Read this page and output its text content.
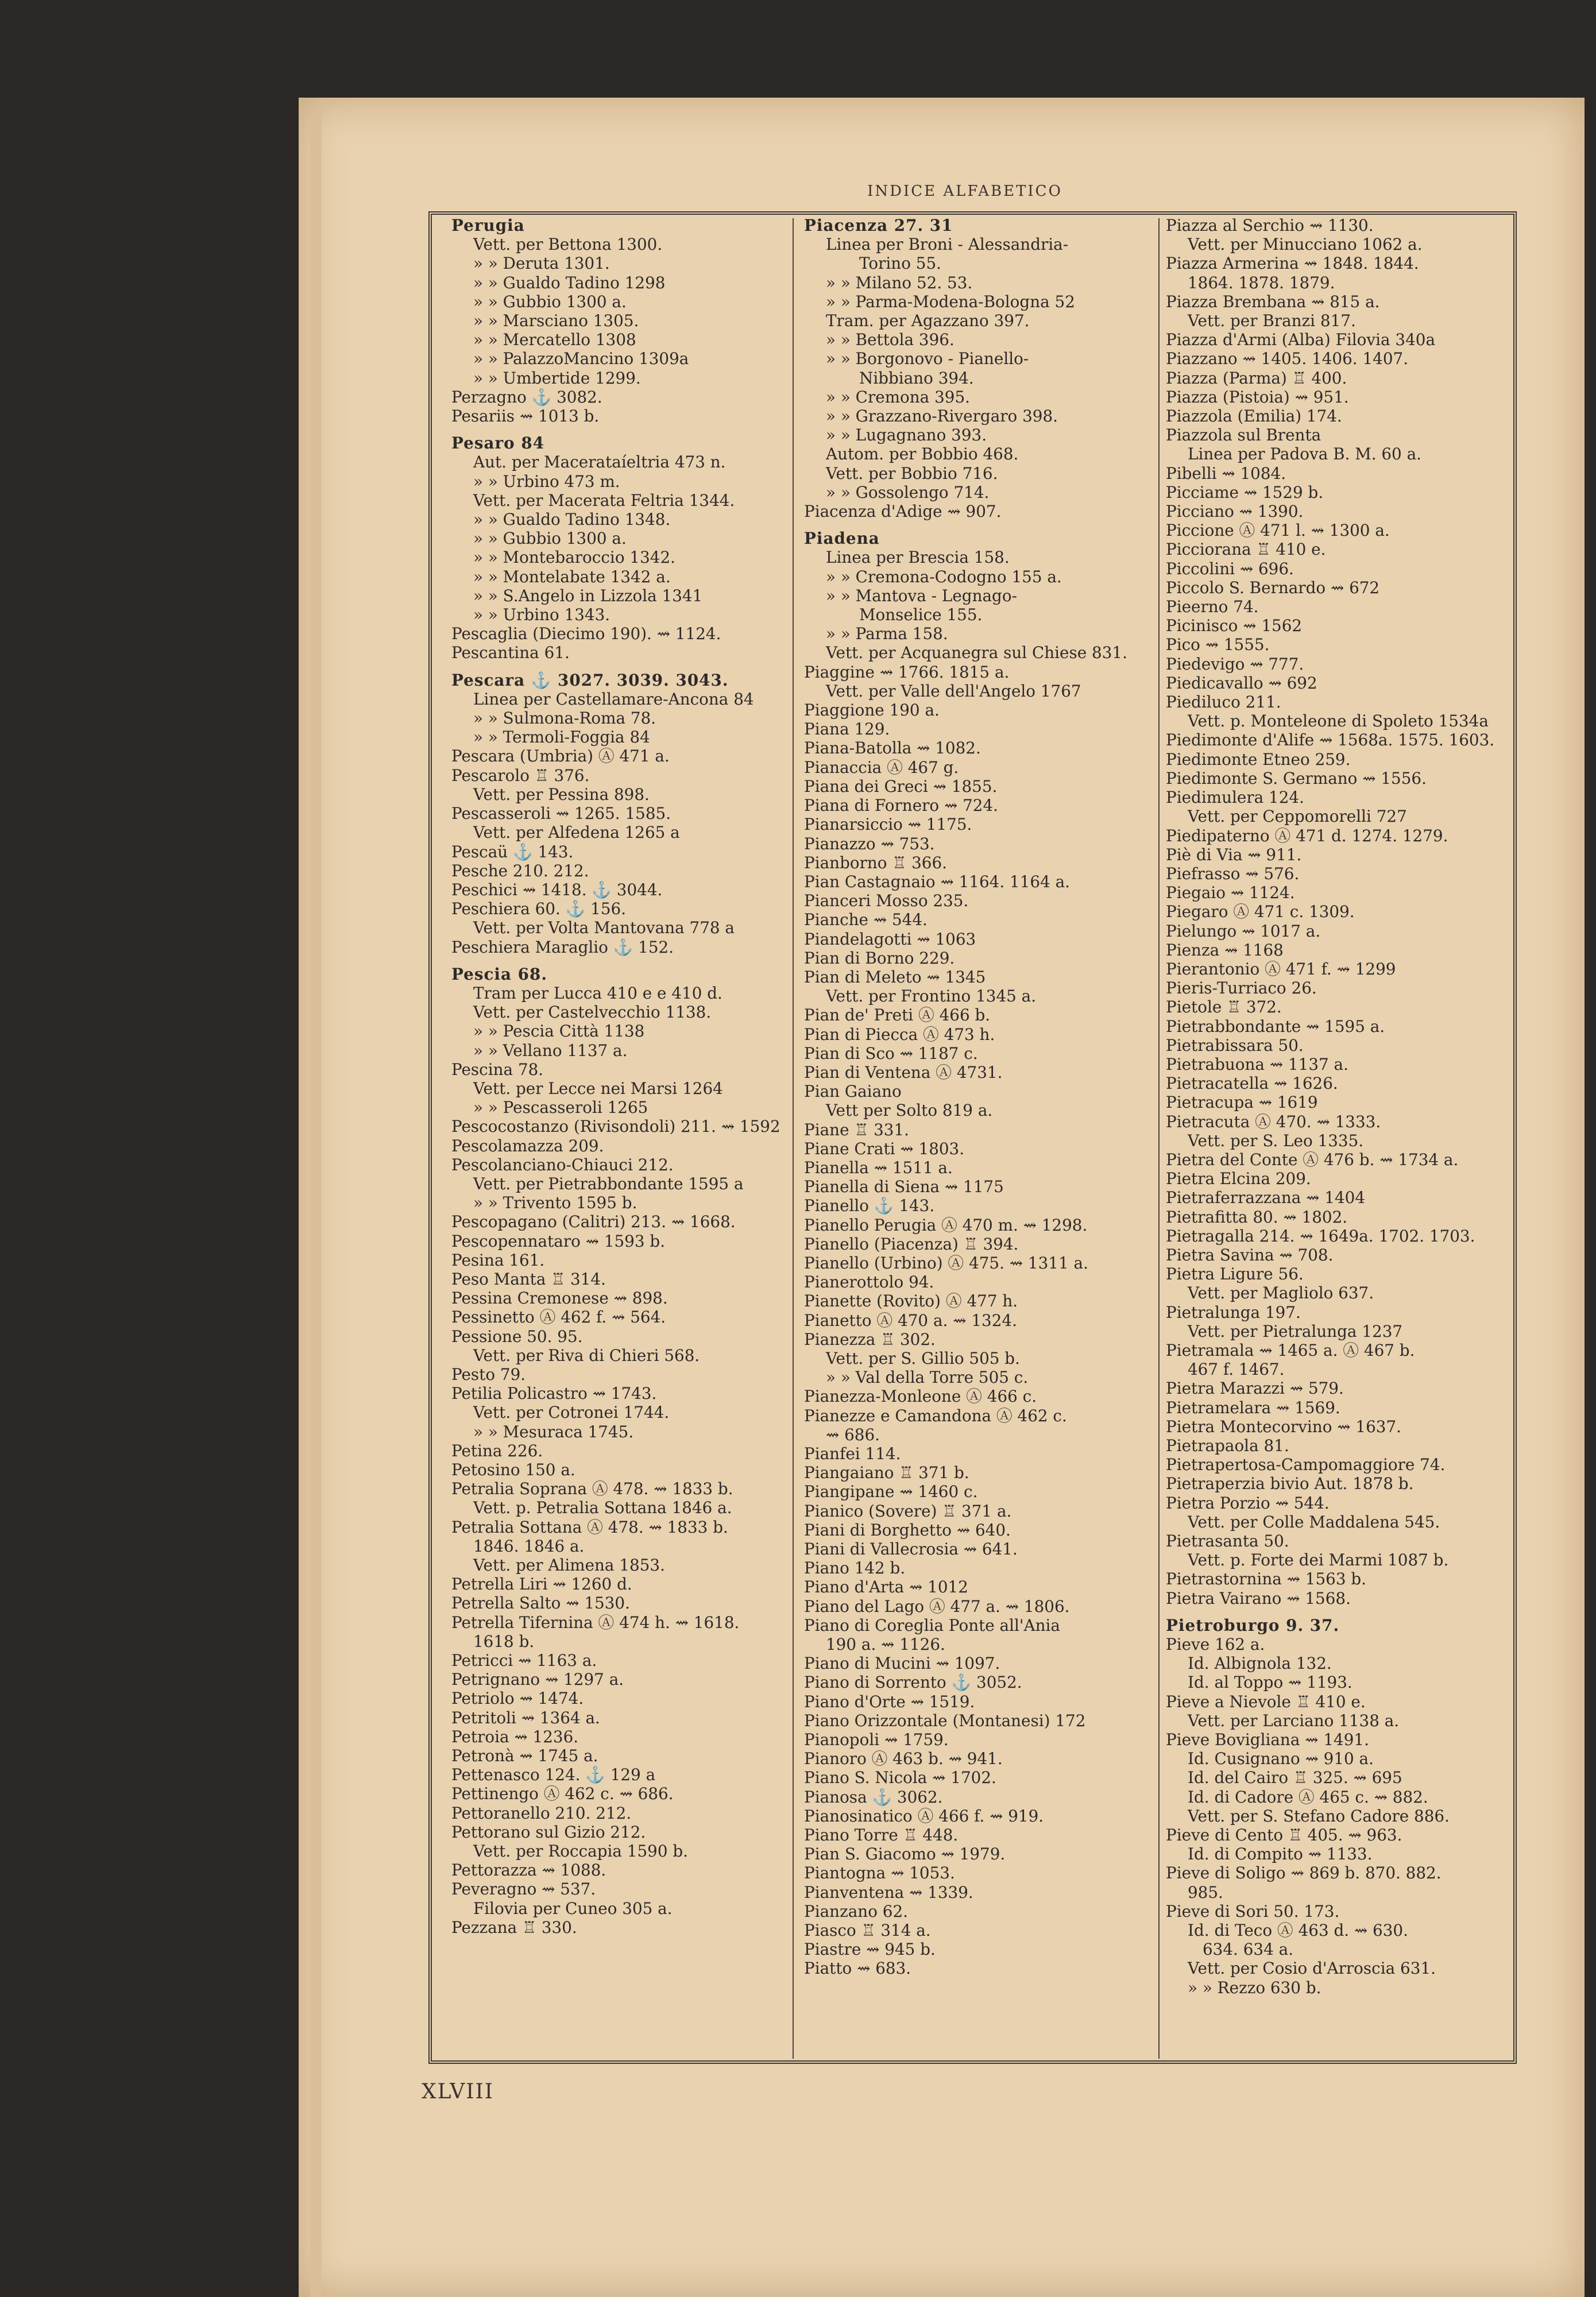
INDICE ALFABETICO
Perugia
Vett. per Bettona 1300.
» » Deruta 1301.
» » Gualdo Tadino 1298
» » Gubbio 1300 a.
» » Marsciano 1305.
» » Mercatello 1308
» » PalazzoMancino 1309a
» » Umbertide 1299.
Perzagno ⚓ 3082.
Pesariis ⇝ 1013 b.
Pesaro 84
Aut. per Macerataíeltria 473 n.
» » Urbino 473 m.
Vett. per Macerata Feltria 1344.
» » Gualdo Tadino 1348.
» » Gubbio 1300 a.
» » Montebaroccio 1342.
» » Montelabate 1342 a.
» » S.Angelo in Lizzola 1341
» » Urbino 1343.
Pescaglia (Diecimo 190). ⇝ 1124.
Pescantina 61.
Pescara ⚓ 3027. 3039. 3043.
Linea per Castellamare-Ancona 84
» » Sulmona-Roma 78.
» » Termoli-Foggia 84
Pescara (Umbria) Ⓐ 471 a.
Pescarolo ♖ 376.
Vett. per Pessina 898.
Pescasseroli ⇝ 1265. 1585.
Vett. per Alfedena 1265 a
Pescaü ⚓ 143.
Pesche 210. 212.
Peschici ⇝ 1418. ⚓ 3044.
Peschiera 60. ⚓ 156.
Vett. per Volta Mantovana 778 a
Peschiera Maraglio ⚓ 152.
Pescia 68.
Tram per Lucca 410 e e 410 d.
Vett. per Castelvecchio 1138.
» » Pescia Città 1138
» » Vellano 1137 a.
Pescina 78.
Vett. per Lecce nei Marsi 1264
» » Pescasseroli 1265
Pescocostanzo (Rivisondoli) 211. ⇝ 1592
Pescolamazza 209.
Pescolanciano-Chiauci 212.
Vett. per Pietrabbondante 1595 a
» » Trivento 1595 b.
Pescopagano (Calitri) 213. ⇝ 1668.
Pescopennataro ⇝ 1593 b.
Pesina 161.
Peso Manta ♖ 314.
Pessina Cremonese ⇝ 898.
Pessinetto Ⓐ 462 f. ⇝ 564.
Pessione 50. 95.
Vett. per Riva di Chieri 568.
Pesto 79.
Petilia Policastro ⇝ 1743.
Vett. per Cotronei 1744.
» » Mesuraca 1745.
Petina 226.
Petosino 150 a.
Petralia Soprana Ⓐ 478. ⇝ 1833 b.
Vett. p. Petralia Sottana 1846 a.
Petralia Sottana Ⓐ 478. ⇝ 1833 b.
1846. 1846 a.
Vett. per Alimena 1853.
Petrella Liri ⇝ 1260 d.
Petrella Salto ⇝ 1530.
Petrella Tifernina Ⓐ 474 h. ⇝ 1618.
1618 b.
Petricci ⇝ 1163 a.
Petrignano ⇝ 1297 a.
Petriolo ⇝ 1474.
Petritoli ⇝ 1364 a.
Petroia ⇝ 1236.
Petronà ⇝ 1745 a.
Pettenasco 124. ⚓ 129 a
Pettinengo Ⓐ 462 c. ⇝ 686.
Pettoranello 210. 212.
Pettorano sul Gizio 212.
Vett. per Roccapia 1590 b.
Pettorazza ⇝ 1088.
Peveragno ⇝ 537.
Filovia per Cuneo 305 a.
Pezzana ♖ 330.
Piacenza 27. 31
Linea per Broni - Alessandria-
Torino 55.
» » Milano 52. 53.
» » Parma-Modena-Bologna 52
Tram. per Agazzano 397.
» » Bettola 396.
» » Borgonovo - Pianello-
Nibbiano 394.
» » Cremona 395.
» » Grazzano-Rivergaro 398.
» » Lugagnano 393.
Autom. per Bobbio 468.
Vett. per Bobbio 716.
» » Gossolengo 714.
Piacenza d'Adige ⇝ 907.
Piadena
Linea per Brescia 158.
» » Cremona-Codogno 155 a.
» » Mantova - Legnago-
Monselice 155.
» » Parma 158.
Vett. per Acquanegra sul Chiese 831.
Piaggine ⇝ 1766. 1815 a.
Vett. per Valle dell'Angelo 1767
Piaggione 190 a.
Piana 129.
Piana-Batolla ⇝ 1082.
Pianaccia Ⓐ 467 g.
Piana dei Greci ⇝ 1855.
Piana di Fornero ⇝ 724.
Pianarsiccio ⇝ 1175.
Pianazzo ⇝ 753.
Pianborno ♖ 366.
Pian Castagnaio ⇝ 1164. 1164 a.
Pianceri Mosso 235.
Pianche ⇝ 544.
Piandelagotti ⇝ 1063
Pian di Borno 229.
Pian di Meleto ⇝ 1345
Vett. per Frontino 1345 a.
Pian de' Preti Ⓐ 466 b.
Pian di Piecca Ⓐ 473 h.
Pian di Sco ⇝ 1187 c.
Pian di Ventena Ⓐ 4731.
Pian Gaiano
Vett per Solto 819 a.
Piane ♖ 331.
Piane Crati ⇝ 1803.
Pianella ⇝ 1511 a.
Pianella di Siena ⇝ 1175
Pianello ⚓ 143.
Pianello Perugia Ⓐ 470 m. ⇝ 1298.
Pianello (Piacenza) ♖ 394.
Pianello (Urbino) Ⓐ 475. ⇝ 1311 a.
Pianerottolo 94.
Pianette (Rovito) Ⓐ 477 h.
Pianetto Ⓐ 470 a. ⇝ 1324.
Pianezza ♖ 302.
Vett. per S. Gillio 505 b.
» » Val della Torre 505 c.
Pianezza-Monleone Ⓐ 466 c.
Pianezze e Camandona Ⓐ 462 c.
⇝ 686.
Pianfei 114.
Piangaiano ♖ 371 b.
Piangipane ⇝ 1460 c.
Pianico (Sovere) ♖ 371 a.
Piani di Borghetto ⇝ 640.
Piani di Vallecrosia ⇝ 641.
Piano 142 b.
Piano d'Arta ⇝ 1012
Piano del Lago Ⓐ 477 a. ⇝ 1806.
Piano di Coreglia Ponte all'Ania
190 a. ⇝ 1126.
Piano di Mucini ⇝ 1097.
Piano di Sorrento ⚓ 3052.
Piano d'Orte ⇝ 1519.
Piano Orizzontale (Montanesi) 172
Pianopoli ⇝ 1759.
Pianoro Ⓐ 463 b. ⇝ 941.
Piano S. Nicola ⇝ 1702.
Pianosa ⚓ 3062.
Pianosinatico Ⓐ 466 f. ⇝ 919.
Piano Torre ♖ 448.
Pian S. Giacomo ⇝ 1979.
Piantogna ⇝ 1053.
Pianventena ⇝ 1339.
Pianzano 62.
Piasco ♖ 314 a.
Piastre ⇝ 945 b.
Piatto ⇝ 683.
Piazza al Serchio ⇝ 1130.
Vett. per Minucciano 1062 a.
Piazza Armerina ⇝ 1848. 1844.
1864. 1878. 1879.
Piazza Brembana ⇝ 815 a.
Vett. per Branzi 817.
Piazza d'Armi (Alba) Filovia 340a
Piazzano ⇝ 1405. 1406. 1407.
Piazza (Parma) ♖ 400.
Piazza (Pistoia) ⇝ 951.
Piazzola (Emilia) 174.
Piazzola sul Brenta
Linea per Padova B. M. 60 a.
Pibelli ⇝ 1084.
Picciame ⇝ 1529 b.
Picciano ⇝ 1390.
Piccione Ⓐ 471 l. ⇝ 1300 a.
Picciorana ♖ 410 e.
Piccolini ⇝ 696.
Piccolo S. Bernardo ⇝ 672
Pieerno 74.
Picinisco ⇝ 1562
Pico ⇝ 1555.
Piedevigo ⇝ 777.
Piedicavallo ⇝ 692
Piediluco 211.
Vett. p. Monteleone di Spoleto 1534a
Piedimonte d'Alife ⇝ 1568a. 1575. 1603.
Piedimonte Etneo 259.
Piedimonte S. Germano ⇝ 1556.
Piedimulera 124.
Vett. per Ceppomorelli 727
Piedipaterno Ⓐ 471 d. 1274. 1279.
Piè di Via ⇝ 911.
Piefrasso ⇝ 576.
Piegaio ⇝ 1124.
Piegaro Ⓐ 471 c. 1309.
Pielungo ⇝ 1017 a.
Pienza ⇝ 1168
Pierantonio Ⓐ 471 f. ⇝ 1299
Pieris-Turriaco 26.
Pietole ♖ 372.
Pietrabbondante ⇝ 1595 a.
Pietrabissara 50.
Pietrabuona ⇝ 1137 a.
Pietracatella ⇝ 1626.
Pietracupa ⇝ 1619
Pietracuta Ⓐ 470. ⇝ 1333.
Vett. per S. Leo 1335.
Pietra del Conte Ⓐ 476 b. ⇝ 1734 a.
Pietra Elcina 209.
Pietraferrazzana ⇝ 1404
Pietrafitta 80. ⇝ 1802.
Pietragalla 214. ⇝ 1649a. 1702. 1703.
Pietra Savina ⇝ 708.
Pietra Ligure 56.
Vett. per Magliolo 637.
Pietralunga 197.
Vett. per Pietralunga 1237
Pietramala ⇝ 1465 a. Ⓐ 467 b.
467 f. 1467.
Pietra Marazzi ⇝ 579.
Pietramelara ⇝ 1569.
Pietra Montecorvino ⇝ 1637.
Pietrapaola 81.
Pietrapertosa-Campomaggiore 74.
Pietraperzia bivio Aut. 1878 b.
Pietra Porzio ⇝ 544.
Vett. per Colle Maddalena 545.
Pietrasanta 50.
Vett. p. Forte dei Marmi 1087 b.
Pietrastornina ⇝ 1563 b.
Pietra Vairano ⇝ 1568.
Pietroburgo 9. 37.
Pieve 162 a.
Id. Albignola 132.
Id. al Toppo ⇝ 1193.
Pieve a Nievole ♖ 410 e.
Vett. per Larciano 1138 a.
Pieve Bovigliana ⇝ 1491.
Id. Cusignano ⇝ 910 a.
Id. del Cairo ♖ 325. ⇝ 695
Id. di Cadore Ⓐ 465 c. ⇝ 882.
Vett. per S. Stefano Cadore 886.
Pieve di Cento ♖ 405. ⇝ 963.
Id. di Compito ⇝ 1133.
Pieve di Soligo ⇝ 869 b. 870. 882.
985.
Pieve di Sori 50. 173.
Id. di Teco Ⓐ 463 d. ⇝ 630.
634. 634 a.
Vett. per Cosio d'Arroscia 631.
» » Rezzo 630 b.
XLVIII
